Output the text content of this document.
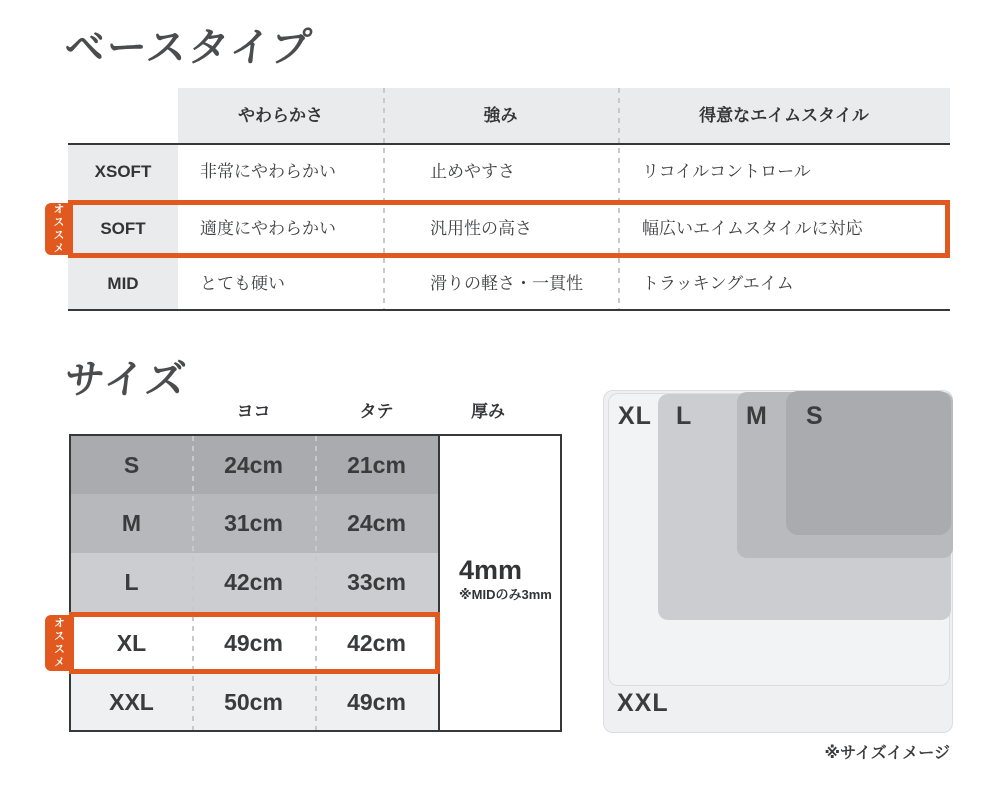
ベースタイプ
やわらかさ	強み	得意なエイムスタイル
XSOFT	非常にやわらかい	止めやすさ	リコイルコントロール
SOFT	適度にやわらかい	汎用性の高さ	幅広いエイムスタイルに対応
オススメ
MID	とても硬い	滑りの軽さ・一貫性	トラッキングエイム
サイズ
ヨコ	タテ	厚み
S	24cm	21cm
M	31cm	24cm
L	42cm	33cm
XL	49cm	42cm
XXL	50cm	49cm
4mm
※MIDのみ3mm
オススメ
XL L M S
XXL
※サイズイメージ
